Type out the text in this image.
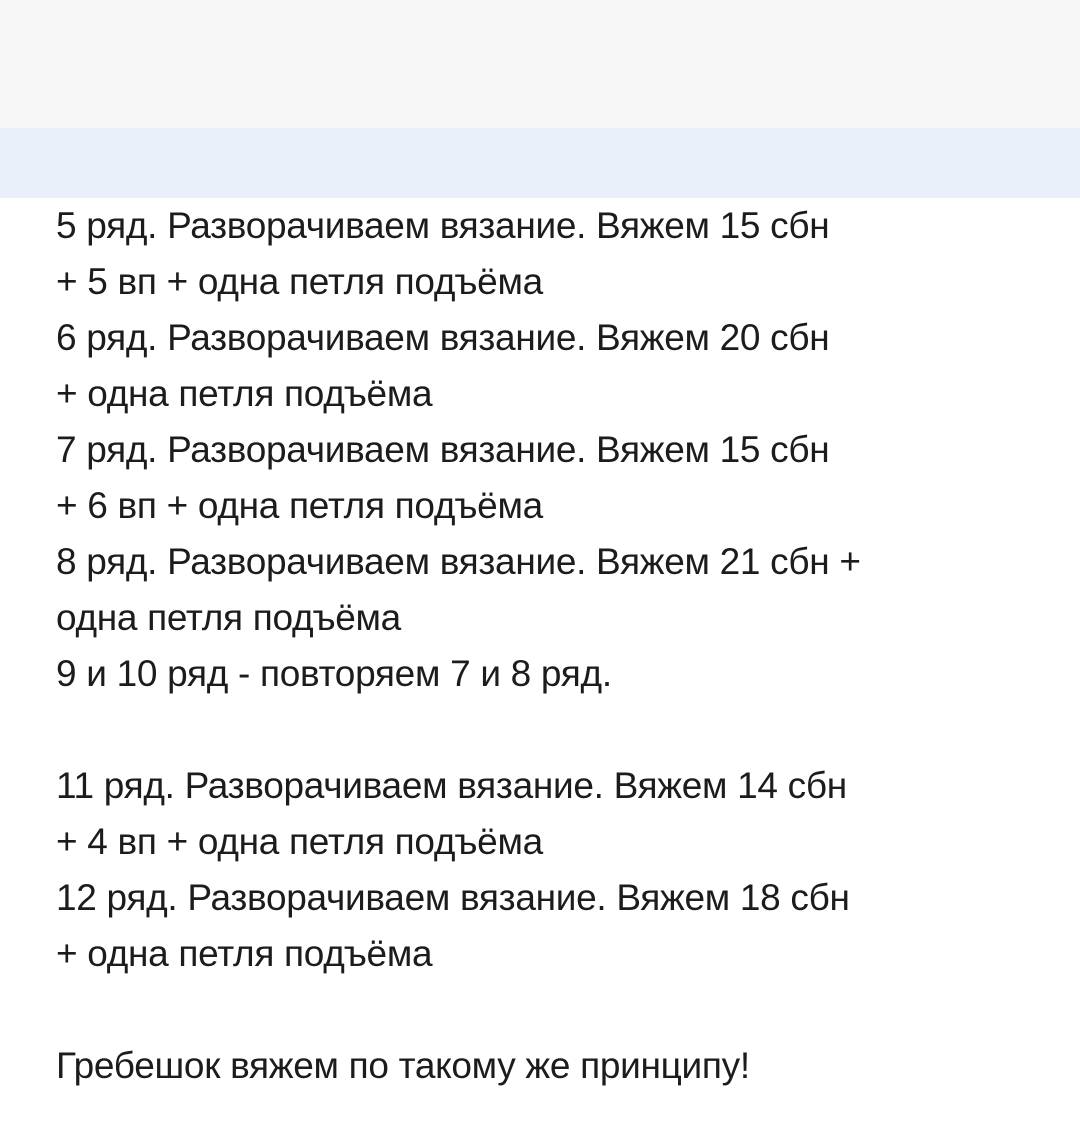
5 ряд. Разворачиваем вязание. Вяжем 15 сбн
+ 5 вп + одна петля подъёма
6 ряд. Разворачиваем вязание. Вяжем 20 сбн
+ одна петля подъёма
7 ряд. Разворачиваем вязание. Вяжем 15 сбн
+ 6 вп + одна петля подъёма
8 ряд. Разворачиваем вязание. Вяжем 21 сбн +
одна петля подъёма
9 и 10 ряд - повторяем 7 и 8 ряд.
11 ряд. Разворачиваем вязание. Вяжем 14 сбн
+ 4 вп + одна петля подъёма
12 ряд. Разворачиваем вязание. Вяжем 18 сбн
+ одна петля подъёма
Гребешок вяжем по такому же принципу!
